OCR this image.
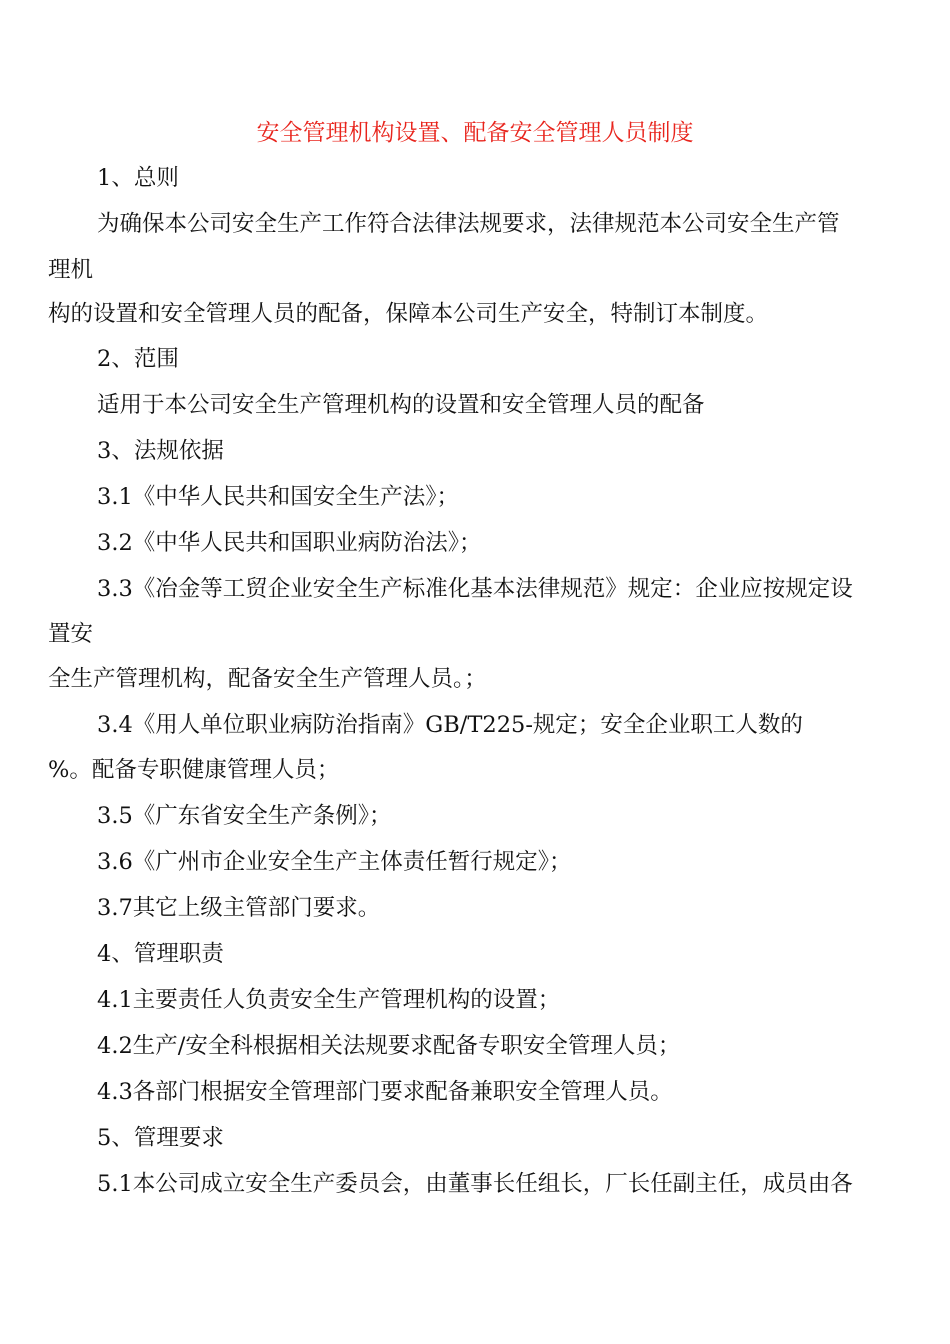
安全管理机构设置、配备安全管理人员制度

1、总则

为确保本公司安全生产工作符合法律法规要求，法律规范本公司安全生产管

理机

构的设置和安全管理人员的配备，保障本公司生产安全，特制订本制度。

2、范围

适用于本公司安全生产管理机构的设置和安全管理人员的配备

3、法规依据

3.1《中华人民共和国安全生产法》；

3.2《中华人民共和国职业病防治法》；

3.3《冶金等工贸企业安全生产标准化基本法律规范》规定：企业应按规定设

置安

全生产管理机构，配备安全生产管理人员。；

3.4《用人单位职业病防治指南》GB/T225-规定；安全企业职工人数的

%。配备专职健康管理人员；

3.5《广东省安全生产条例》；

3.6《广州市企业安全生产主体责任暂行规定》；

3.7其它上级主管部门要求。

4、管理职责

4.1主要责任人负责安全生产管理机构的设置；

4.2生产/安全科根据相关法规要求配备专职安全管理人员；

4.3各部门根据安全管理部门要求配备兼职安全管理人员。

5、管理要求

5.1本公司成立安全生产委员会，由董事长任组长，厂长任副主任，成员由各
